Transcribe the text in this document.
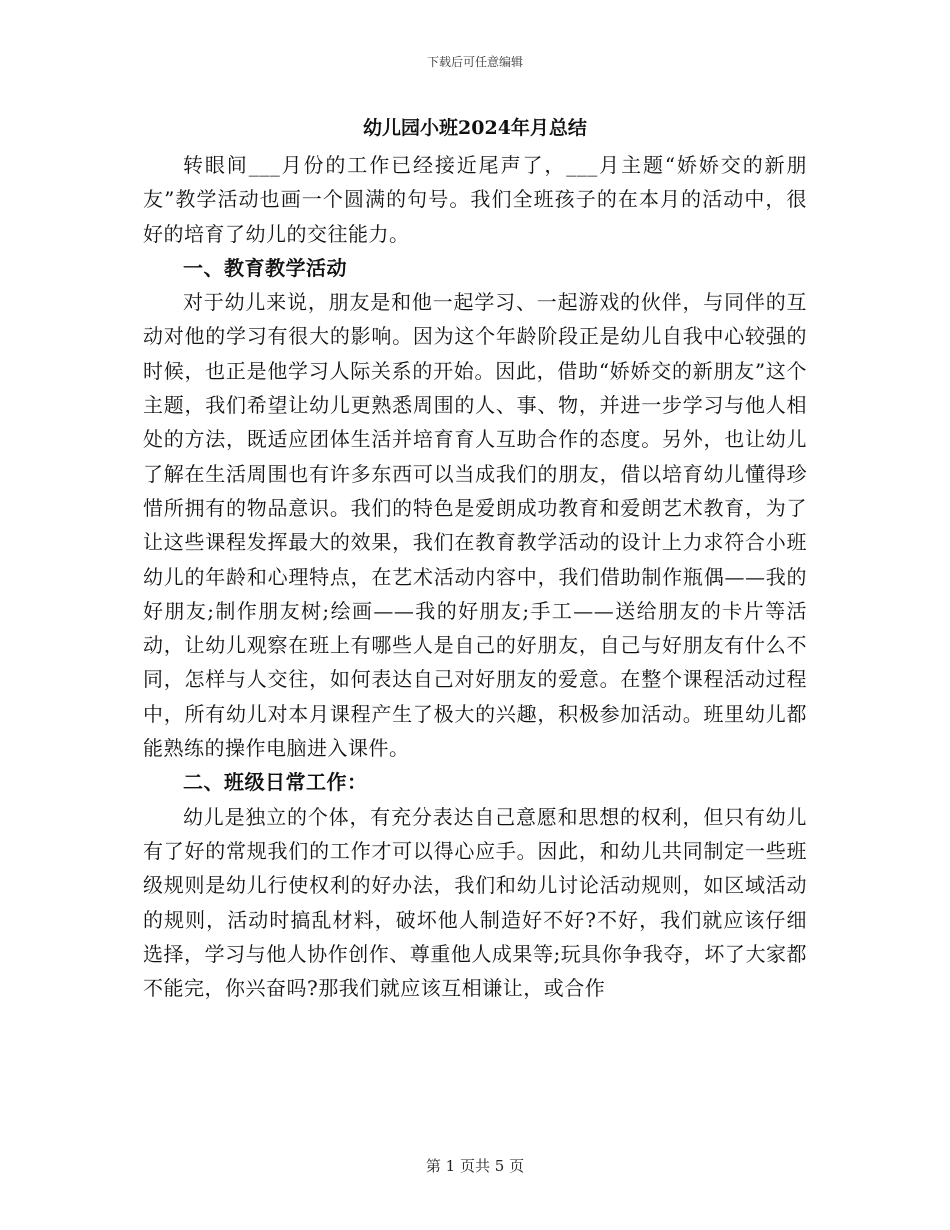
下载后可任意编辑
幼儿园小班2024年月总结

转眼间___月份的工作已经接近尾声了，___月主题“娇娇交的新朋友”教学活动也画一个圆满的句号。我们全班孩子的在本月的活动中，很好的培育了幼儿的交往能力。

一、教育教学活动

对于幼儿来说，朋友是和他一起学习、一起游戏的伙伴，与同伴的互动对他的学习有很大的影响。因为这个年龄阶段正是幼儿自我中心较强的时候，也正是他学习人际关系的开始。因此，借助“娇娇交的新朋友”这个主题，我们希望让幼儿更熟悉周围的人、事、物，并进一步学习与他人相处的方法，既适应团体生活并培育育人互助合作的态度。另外，也让幼儿了解在生活周围也有许多东西可以当成我们的朋友，借以培育幼儿懂得珍惜所拥有的物品意识。我们的特色是爱朗成功教育和爱朗艺术教育，为了让这些课程发挥最大的效果，我们在教育教学活动的设计上力求符合小班幼儿的年龄和心理特点，在艺术活动内容中，我们借助制作瓶偶——我的好朋友;制作朋友树;绘画——我的好朋友;手工——送给朋友的卡片等活动，让幼儿观察在班上有哪些人是自己的好朋友，自己与好朋友有什么不同，怎样与人交往，如何表达自己对好朋友的爱意。在整个课程活动过程中，所有幼儿对本月课程产生了极大的兴趣，积极参加活动。班里幼儿都能熟练的操作电脑进入课件。

二、班级日常工作：

幼儿是独立的个体，有充分表达自己意愿和思想的权利，但只有幼儿有了好的常规我们的工作才可以得心应手。因此，和幼儿共同制定一些班级规则是幼儿行使权利的好办法，我们和幼儿讨论活动规则，如区域活动的规则，活动时搞乱材料，破坏他人制造好不好?不好，我们就应该仔细选择，学习与他人协作创作、尊重他人成果等;玩具你争我夺，坏了大家都不能完，你兴奋吗?那我们就应该互相谦让，或合作

第 1 页共 5 页
